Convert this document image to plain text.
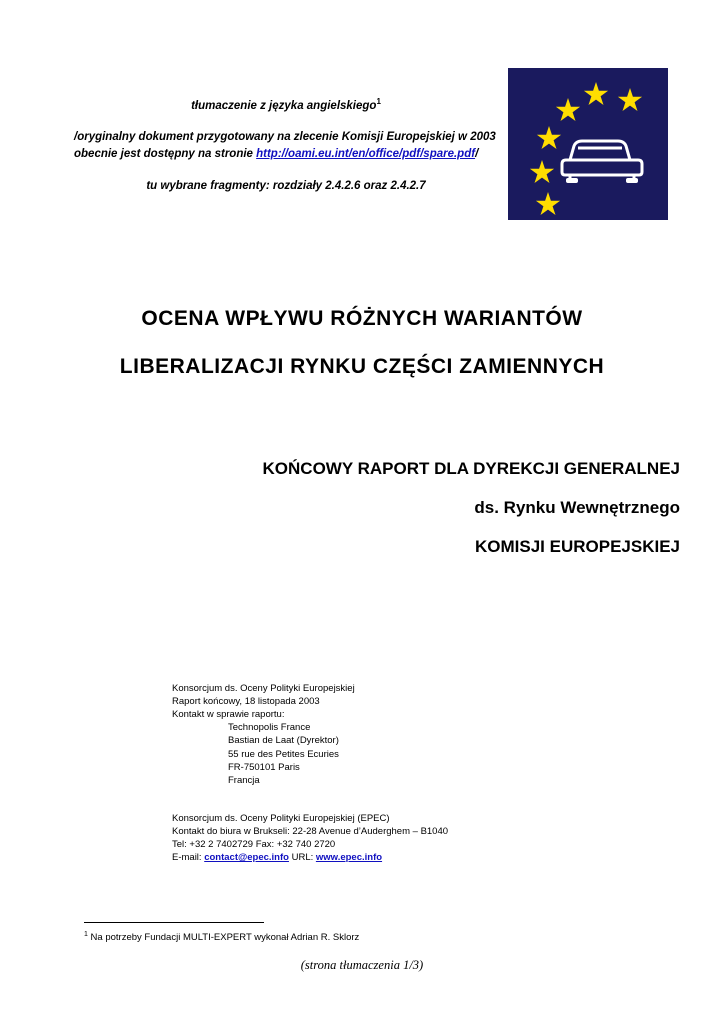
tłumaczenie z języka angielskiego$^1$
/oryginalny dokument przygotowany na zlecenie Komisji Europejskiej w 2003
obecnie jest dostępny na stronie http://oami.eu.int/en/office/pdf/spare.pdf/
tu wybrane fragmenty: rozdziały 2.4.2.6 oraz 2.4.2.7
OCENA WPŁYWU RÓŻNYCH WARIANTÓW
LIBERALIZACJI RYNKU CZĘŚCI ZAMIENNYCH
KOŃCOWY RAPORT DLA DYREKCJI GENERALNEJ
ds. Rynku Wewnętrznego
KOMISJI EUROPEJSKIEJ
Konsorcjum ds. Oceny Polityki Europejskiej
Raport końcowy, 18 listopada 2003
Kontakt w sprawie raportu:
Technopolis France
Bastian de Laat (Dyrektor)
55 rue des Petites Ecuries
FR-750101 Paris
Francja
Konsorcjum ds. Oceny Polityki Europejskiej (EPEC)
Kontakt do biura w Brukseli: 22-28 Avenue d’Auderghem – B1040
Tel: +32 2 7402729 Fax: +32 740 2720
E-mail: contact@epec.info URL: www.epec.info
$^1$ Na potrzeby Fundacji MULTI-EXPERT wykonał Adrian R. Sklorz
(strona tłumaczenia 1/3)
